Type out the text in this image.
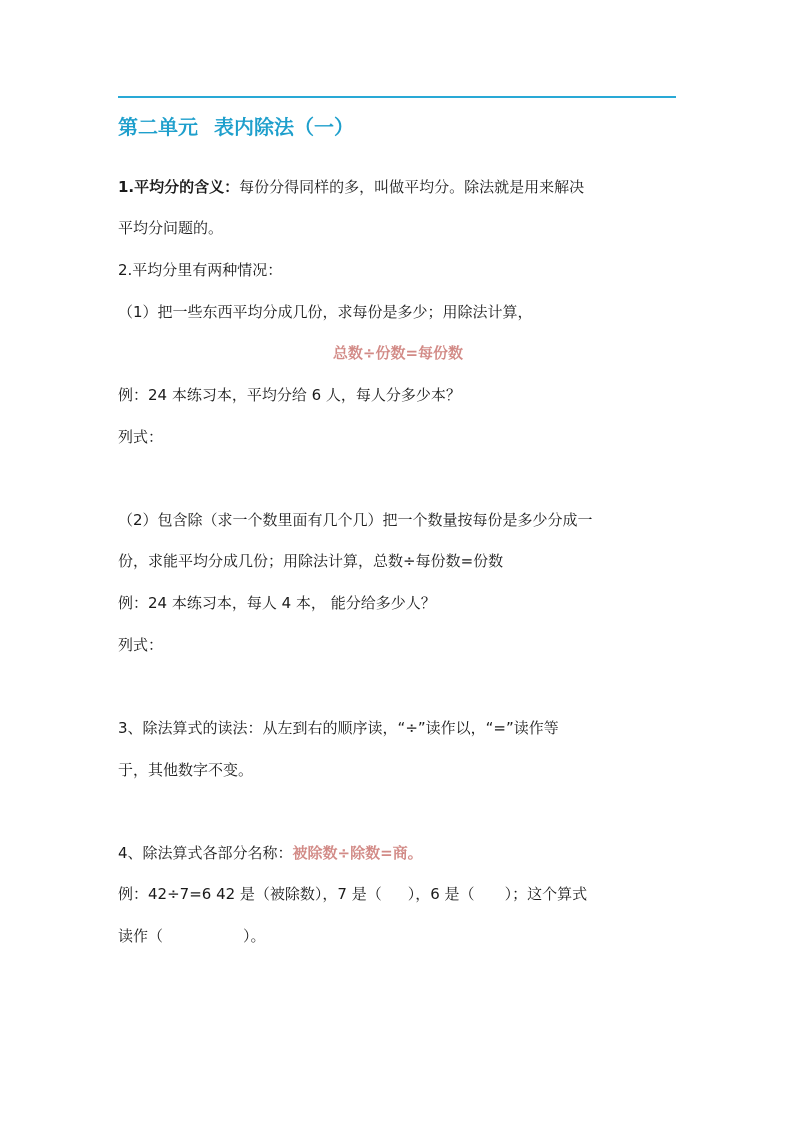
第二单元 表内除法（一）
1.平均分的含义：每份分得同样的多，叫做平均分。除法就是用来解决
平均分问题的。
2.平均分里有两种情况：
（1）把一些东西平均分成几份，求每份是多少；用除法计算，
总数÷份数=每份数
例：24 本练习本，平均分给 6 人，每人分多少本？
列式：
（2）包含除（求一个数里面有几个几）把一个数量按每份是多少分成一
份，求能平均分成几份；用除法计算，总数÷每份数=份数
例：24 本练习本，每人 4 本， 能分给多少人？
列式：
3、除法算式的读法：从左到右的顺序读，“÷”读作以，“=”读作等
于，其他数字不变。
4、除法算式各部分名称：被除数÷除数=商。
例：42÷7=6 42 是（被除数），7 是（ ），6 是（ ）；这个算式
读作（	）。
